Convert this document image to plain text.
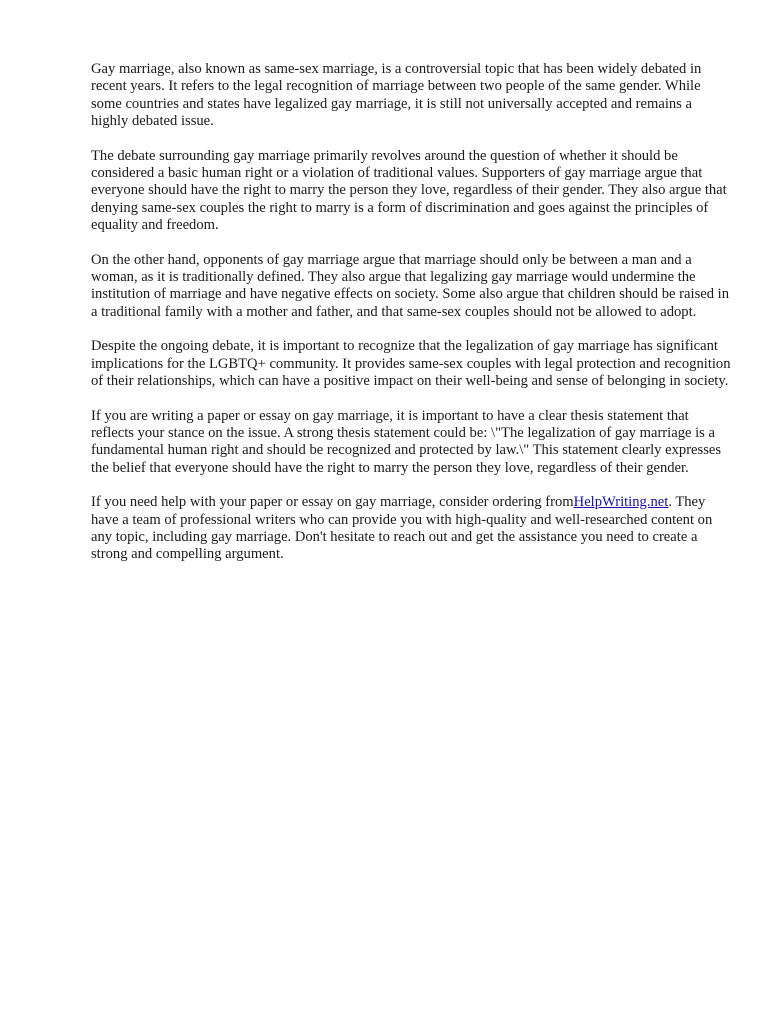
Gay marriage, also known as same-sex marriage, is a controversial topic that has been widely debated in recent years. It refers to the legal recognition of marriage between two people of the same gender. While some countries and states have legalized gay marriage, it is still not universally accepted and remains a highly debated issue.

The debate surrounding gay marriage primarily revolves around the question of whether it should be considered a basic human right or a violation of traditional values. Supporters of gay marriage argue that everyone should have the right to marry the person they love, regardless of their gender. They also argue that denying same-sex couples the right to marry is a form of discrimination and goes against the principles of equality and freedom.

On the other hand, opponents of gay marriage argue that marriage should only be between a man and a woman, as it is traditionally defined. They also argue that legalizing gay marriage would undermine the institution of marriage and have negative effects on society. Some also argue that children should be raised in a traditional family with a mother and father, and that same-sex couples should not be allowed to adopt.

Despite the ongoing debate, it is important to recognize that the legalization of gay marriage has significant implications for the LGBTQ+ community. It provides same-sex couples with legal protection and recognition of their relationships, which can have a positive impact on their well-being and sense of belonging in society.

If you are writing a paper or essay on gay marriage, it is important to have a clear thesis statement that reflects your stance on the issue. A strong thesis statement could be: \"The legalization of gay marriage is a fundamental human right and should be recognized and protected by law.\" This statement clearly expresses the belief that everyone should have the right to marry the person they love, regardless of their gender.

If you need help with your paper or essay on gay marriage, consider ordering fromHelpWriting.net. They have a team of professional writers who can provide you with high-quality and well-researched content on any topic, including gay marriage. Don't hesitate to reach out and get the assistance you need to create a strong and compelling argument.
